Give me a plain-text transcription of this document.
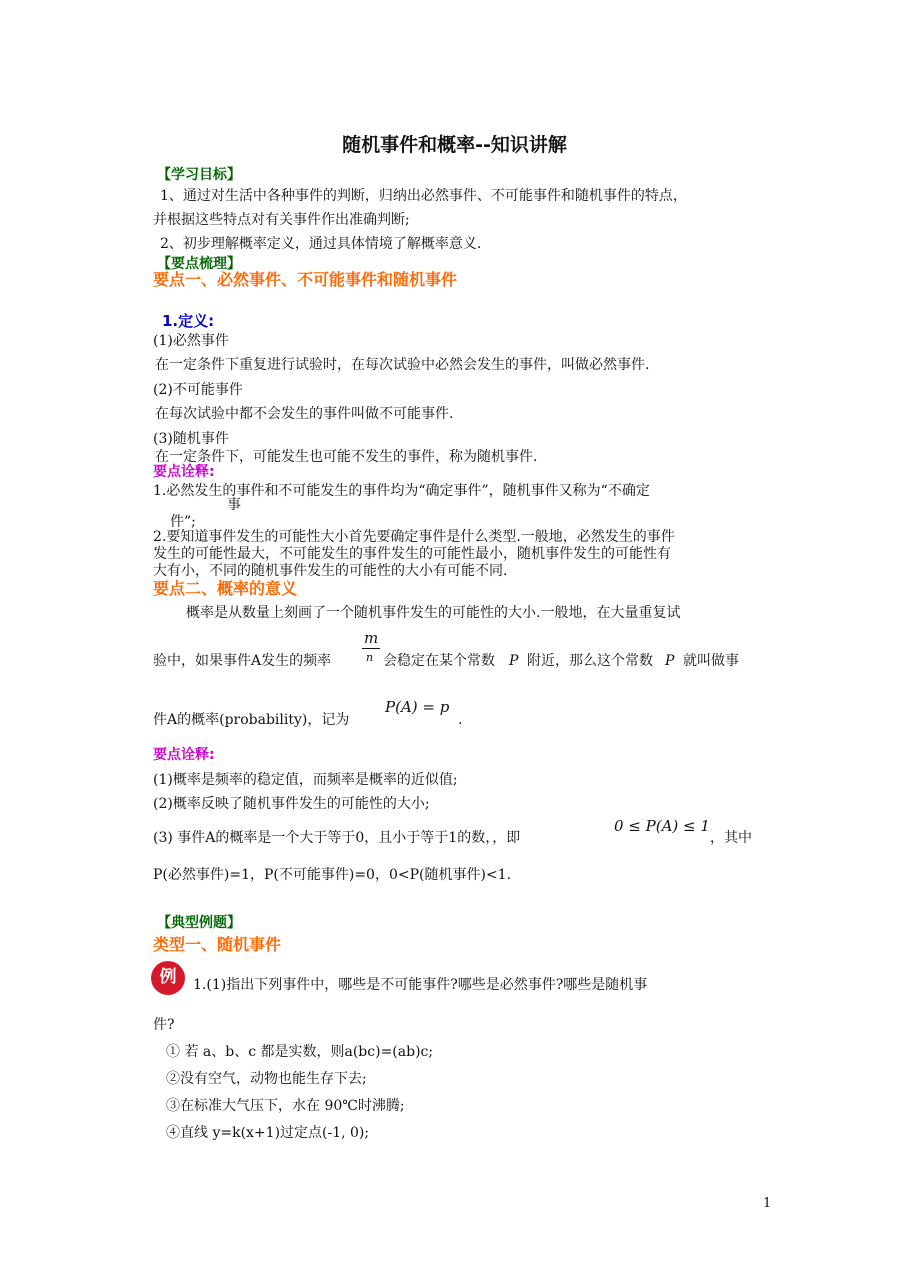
随机事件和概率--知识讲解
【学习目标】
1、通过对生活中各种事件的判断，归纳出必然事件、不可能事件和随机事件的特点，
并根据这些特点对有关事件作出准确判断;
2、初步理解概率定义，通过具体情境了解概率意义.
【要点梳理】
要点一、必然事件、不可能事件和随机事件
1.定义:
(1)必然事件
在一定条件下重复进行试验时，在每次试验中必然会发生的事件，叫做必然事件.
(2)不可能事件
在每次试验中都不会发生的事件叫做不可能事件.
(3)随机事件
在一定条件下，可能发生也可能不发生的事件，称为随机事件.
要点诠释:
1.必然发生的事件和不可能发生的事件均为“确定事件”，随机事件又称为“不确定
事
件”;
2.要知道事件发生的可能性大小首先要确定事件是什么类型.一般地，必然发生的事件
发生的可能性最大，不可能发生的事件发生的可能性最小，随机事件发生的可能性有
大有小，不同的随机事件发生的可能性的大小有可能不同.
要点二、概率的意义
概率是从数量上刻画了一个随机事件发生的可能性的大小.一般地，在大量重复试
验中，如果事件A发生的频率
m
n 会稳定在某个常数 P 附近，那么这个常数 P 就叫做事
件A的概率(probability)，记为
P(A) = p
.
要点诠释:
(1)概率是频率的稳定值，而频率是概率的近似值;
(2)概率反映了随机事件发生的可能性的大小;
(3) 事件A的概率是一个大于等于0，且小于等于1的数，，即
0 ≤ P(A) ≤ 1
，其中
P(必然事件)=1，P(不可能事件)=0，0<P(随机事件)<1.
【典型例题】
类型一、随机事件
例	1.(1)指出下列事件中，哪些是不可能事件?哪些是必然事件?哪些是随机事
件?
① 若 a、b、c 都是实数，则a(bc)=(ab)c;
②没有空气，动物也能生存下去;
③在标准大气压下，水在 90℃时沸腾;
④直线 y=k(x+1)过定点(-1, 0);
1
